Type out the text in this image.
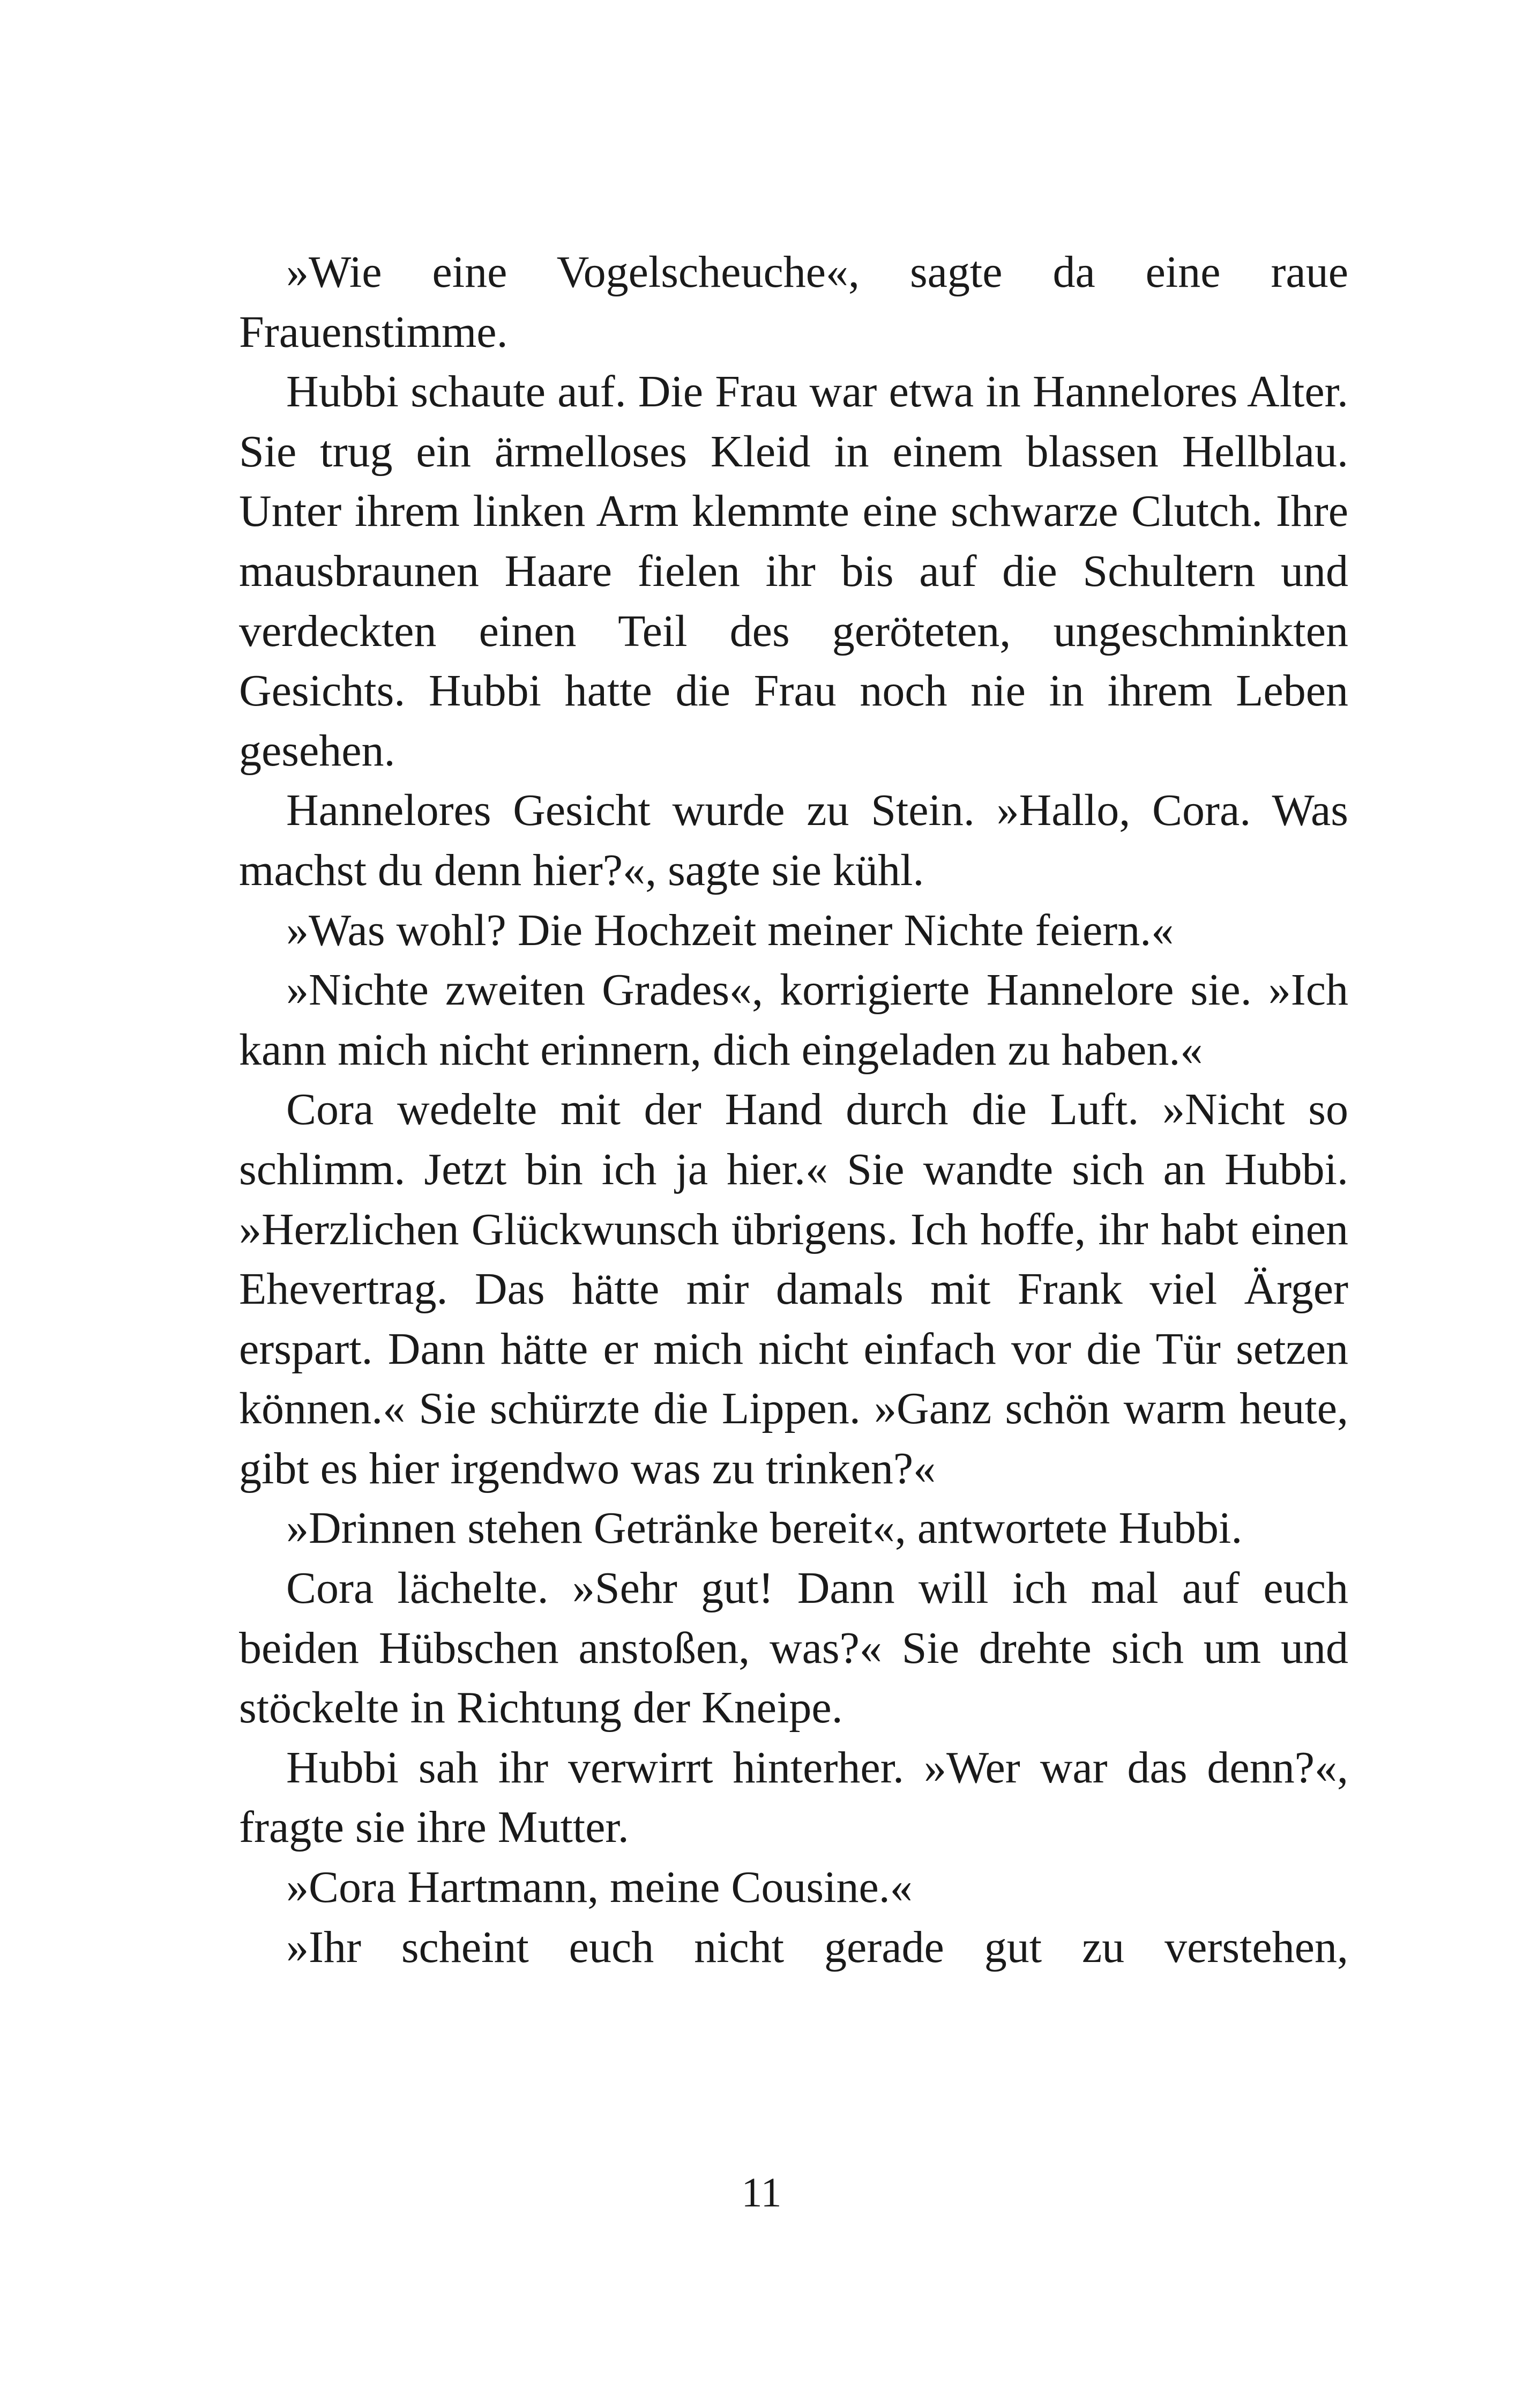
»Wie eine Vogelscheuche«, sagte da eine raue Frauenstimme.

Hubbi schaute auf. Die Frau war etwa in Hannelores Alter. Sie trug ein ärmelloses Kleid in einem blassen Hellblau. Unter ihrem linken Arm klemmte eine schwarze Clutch. Ihre mausbraunen Haare fielen ihr bis auf die Schultern und verdeckten einen Teil des geröteten, ungeschminkten Gesichts. Hubbi hatte die Frau noch nie in ihrem Leben gesehen.

Hannelores Gesicht wurde zu Stein. »Hallo, Cora. Was machst du denn hier?«, sagte sie kühl.

»Was wohl? Die Hochzeit meiner Nichte feiern.«

»Nichte zweiten Grades«, korrigierte Hannelore sie. »Ich kann mich nicht erinnern, dich eingeladen zu haben.«

Cora wedelte mit der Hand durch die Luft. »Nicht so schlimm. Jetzt bin ich ja hier.« Sie wandte sich an Hubbi. »Herzlichen Glückwunsch übrigens. Ich hoffe, ihr habt einen Ehevertrag. Das hätte mir damals mit Frank viel Ärger erspart. Dann hätte er mich nicht einfach vor die Tür setzen können.« Sie schürzte die Lippen. »Ganz schön warm heute, gibt es hier irgendwo was zu trinken?«

»Drinnen stehen Getränke bereit«, antwortete Hubbi.

Cora lächelte. »Sehr gut! Dann will ich mal auf euch beiden Hübschen anstoßen, was?« Sie drehte sich um und stöckelte in Richtung der Kneipe.

Hubbi sah ihr verwirrt hinterher. »Wer war das denn?«, fragte sie ihre Mutter.

»Cora Hartmann, meine Cousine.«

»Ihr scheint euch nicht gerade gut zu verstehen,

11
